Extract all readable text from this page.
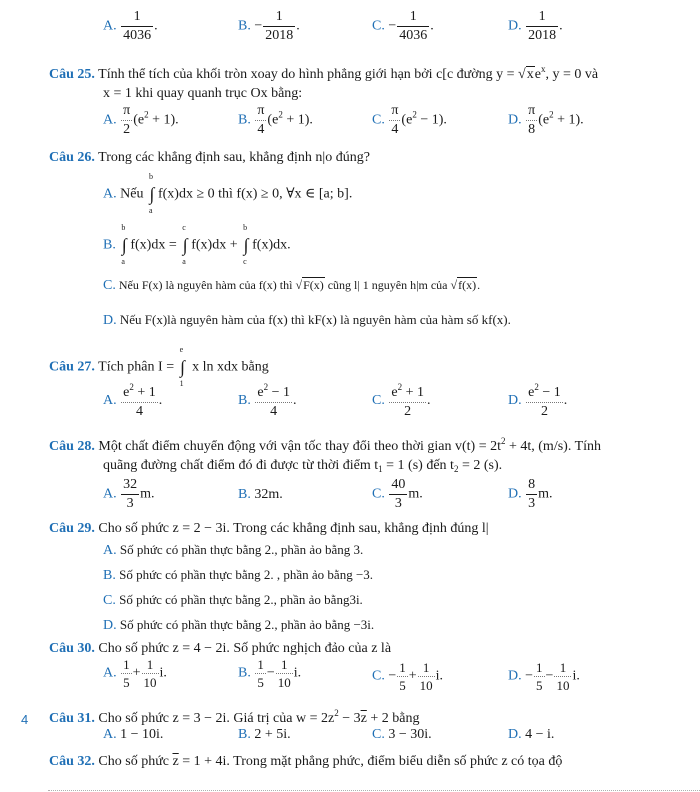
A. $\frac{1}{4036}$ .	B. − $\frac{1}{2018}$ .	C. − $\frac{1}{4036}$ .	D. $\frac{1}{2018}$ .
Câu 25. Tính thể tích của khối tròn xoay do hình phẳng giới hạn bởi c[c đường $y = √xe^x$, y = 0 và
x = 1 khi quay quanh trục Ox bằng:
A. $\frac{\pi}{2} (e^2 + 1)$.	B. $\frac{\pi}{4} (e^2 + 1)$.	C. $\frac{\pi}{4} (e^2 - 1)$.	D. $\frac{\pi}{8} (e^2 + 1)$.
Câu 26. Trong các khẳng định sau, khẳng định n|o đúng?
A. Nếu ∫
b
a
f(x)dx ≥ 0 thì f(x) ≥ 0, ∀x ∈ [a; b].
B. ∫
b
a
f(x)dx = ∫
c
a
f(x)dx + ∫
b
c
f(x)dx.
C. Nếu F(x) là nguyên hàm của f(x) thì √F(x) cũng l| 1 nguyên h|m của √f(x).
D. Nếu F(x)là nguyên hàm của f(x) thì kF(x) là nguyên hàm của hàm số kf(x).
Câu 27. Tích phân I = ∫
e
1
x ln xdx bằng
A. $\frac{e^2 + 1}{4}$ .	B. $\frac{e^2 - 1}{4}$ .	C. $\frac{e^2 + 1}{2}$ .	D. $\frac{e^2 - 1}{2}$ .
Câu 28. Một chất điểm chuyển động với vận tốc thay đổi theo thời gian $v(t) = 2t^2 + 4t$, (m/s). Tính
quãng đường chất điểm đó đi được từ thời điểm $t_1 = 1$ (s) đến $t_2 = 2$ (s).
A. $\frac{32}{3} m$.	B. 32m.	C. $\frac{40}{3} m$.	D. $\frac{8}{3} m$.
Câu 29. Cho số phức z = 2 − 3i. Trong các khẳng định sau, khẳng định đúng l|
A. Số phức có phần thực bằng 2., phần ảo bằng 3.
B. Số phức có phần thực bằng 2. , phần ảo bằng −3.
C. Số phức có phần thực bằng 2., phần ảo bằng3i.
D. Số phức có phần thực bằng 2., phần ảo bằng −3i.
Câu 30. Cho số phức z = 4 − 2i. Số phức nghịch đảo của z là
A. $\frac{1}{5} + \frac{1}{10} i$.	B. $\frac{1}{5} - \frac{1}{10} i$.	C. − $\frac{1}{5} + \frac{1}{10} i$.	D. − $\frac{1}{5} - \frac{1}{10} i$.
4 Câu 31. Cho số phức z = 3 − 2i. Giá trị của $w = 2z^2 - 3\overline{z} + 2$ bằng
A. 1 − 10i.	B. 2 + 5i.	C. 3 − 30i.	D. 4 − i.
Câu 32. Cho số phức $\overline{z} = 1 + 4i$. Trong mặt phẳng phức, điểm biểu diễn số phức z có tọa độ
